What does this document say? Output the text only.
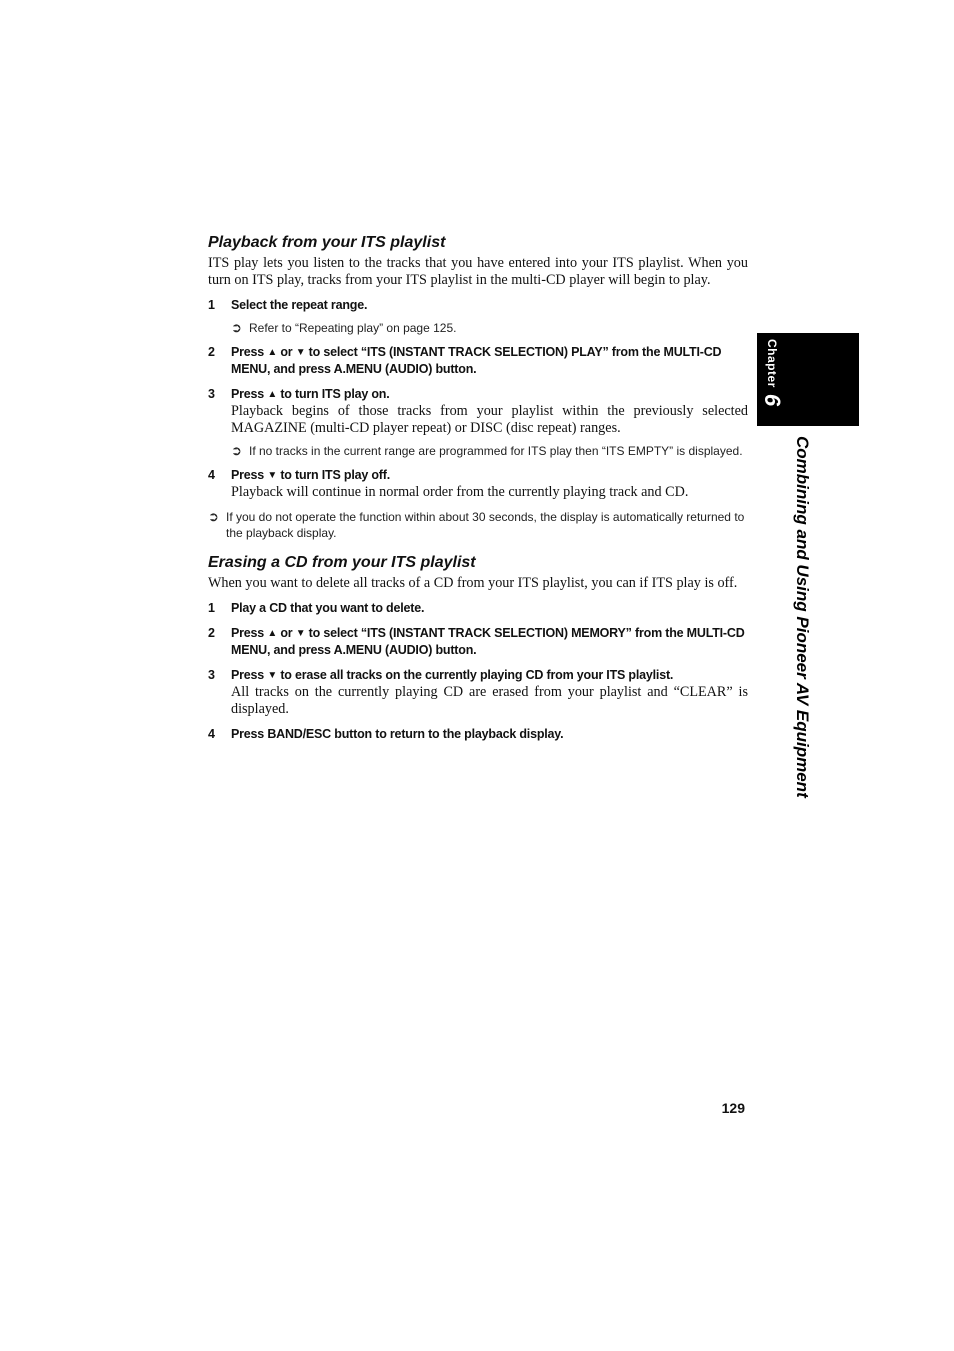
Playback from your ITS playlist

ITS play lets you listen to the tracks that you have entered into your ITS playlist. When you turn on ITS play, tracks from your ITS playlist in the multi-CD player will begin to play.

1 Select the repeat range.
➲ Refer to “Repeating play” on page 125.
2 Press ▲ or ▼ to select “ITS (INSTANT TRACK SELECTION) PLAY” from the MULTI-CD MENU, and press A.MENU (AUDIO) button.
3 Press ▲ to turn ITS play on.
Playback begins of those tracks from your playlist within the previously selected MAGAZINE (multi-CD player repeat) or DISC (disc repeat) ranges.
➲ If no tracks in the current range are programmed for ITS play then “ITS EMPTY” is displayed.
4 Press ▼ to turn ITS play off.
Playback will continue in normal order from the currently playing track and CD.
➲ If you do not operate the function within about 30 seconds, the display is automatically returned to the playback display.
Erasing a CD from your ITS playlist

When you want to delete all tracks of a CD from your ITS playlist, you can if ITS play is off.

1 Play a CD that you want to delete.
2 Press ▲ or ▼ to select “ITS (INSTANT TRACK SELECTION) MEMORY” from the MULTI-CD MENU, and press A.MENU (AUDIO) button.
3 Press ▼ to erase all tracks on the currently playing CD from your ITS playlist.
All tracks on the currently playing CD are erased from your playlist and “CLEAR” is displayed.
4 Press BAND/ESC button to return to the playback display.
Chapter
6
Combining and Using Pioneer AV Equipment
129
